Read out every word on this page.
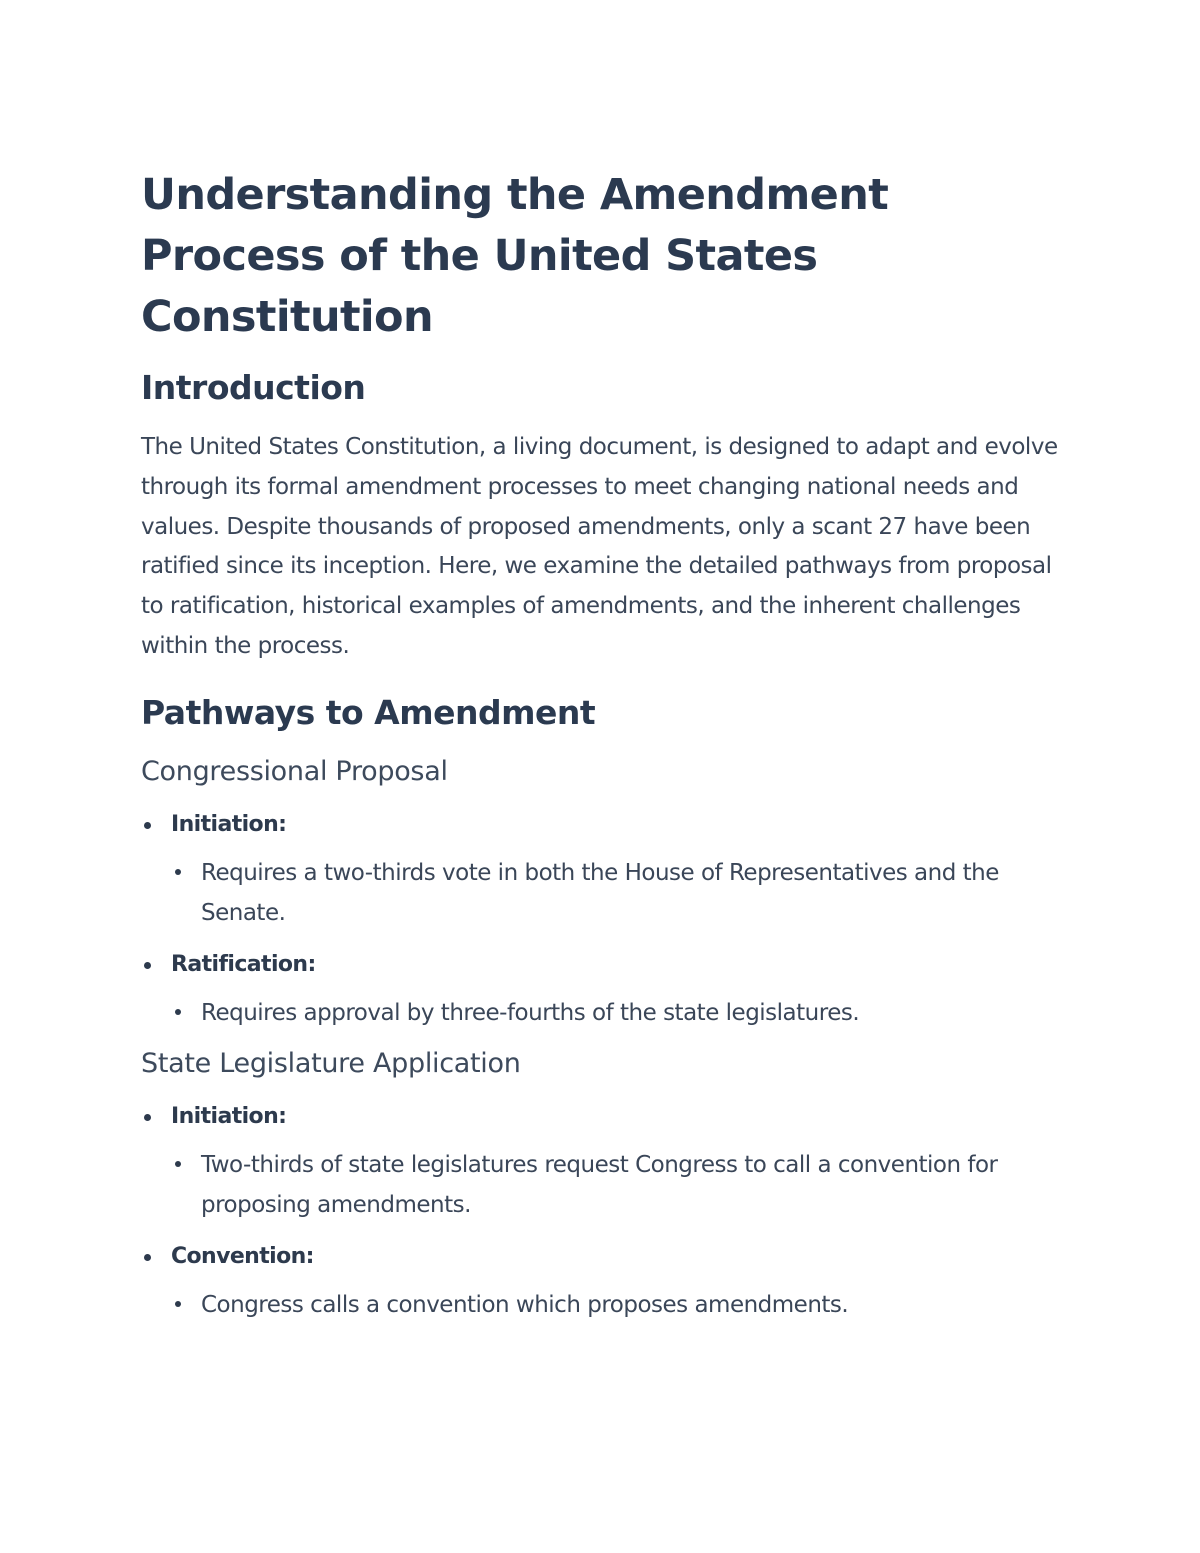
Understanding the Amendment Process of the United States Constitution
Introduction

The United States Constitution, a living document, is designed to adapt and evolve through its formal amendment processes to meet changing national needs and values. Despite thousands of proposed amendments, only a scant 27 have been ratified since its inception. Here, we examine the detailed pathways from proposal to ratification, historical examples of amendments, and the inherent challenges within the process.

Pathways to Amendment
Congressional Proposal
Initiation:
Requires a two-thirds vote in both the House of Representatives and the Senate.
Ratification:
Requires approval by three-fourths of the state legislatures.
State Legislature Application
Initiation:
Two-thirds of state legislatures request Congress to call a convention for proposing amendments.
Convention:
Congress calls a convention which proposes amendments.
